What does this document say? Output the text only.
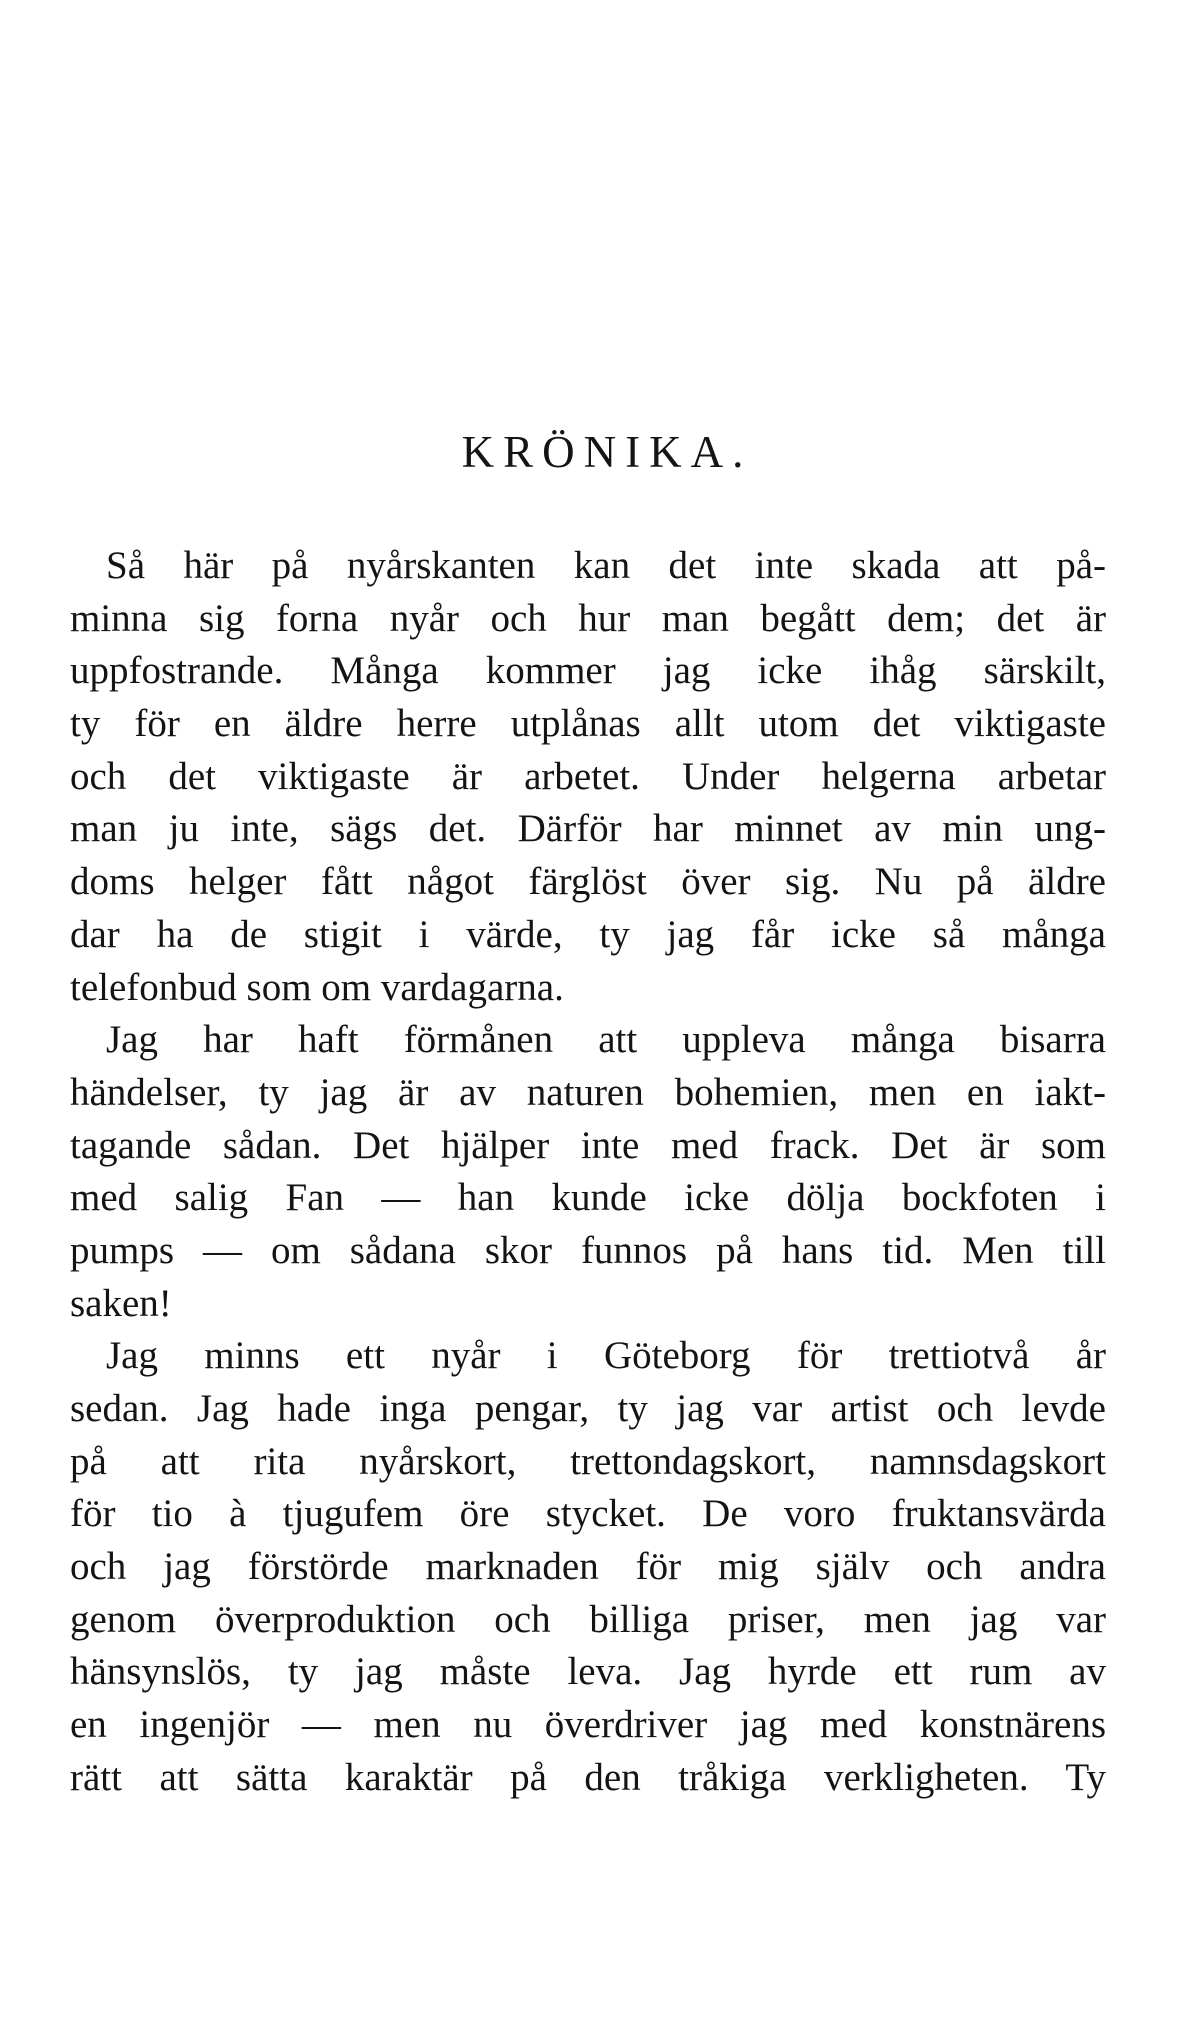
KRÖNIKA.
Så här på nyårskanten kan det inte skada att på-
minna sig forna nyår och hur man begått dem; det är
uppfostrande. Många kommer jag icke ihåg särskilt,
ty för en äldre herre utplånas allt utom det viktigaste
och det viktigaste är arbetet. Under helgerna arbetar
man ju inte, sägs det. Därför har minnet av min ung-
doms helger fått något färglöst över sig. Nu på äldre
dar ha de stigit i värde, ty jag får icke så många
telefonbud som om vardagarna.
Jag har haft förmånen att uppleva många bisarra
händelser, ty jag är av naturen bohemien, men en iakt-
tagande sådan. Det hjälper inte med frack. Det är som
med salig Fan — han kunde icke dölja bockfoten i
pumps — om sådana skor funnos på hans tid. Men till
saken!
Jag minns ett nyår i Göteborg för trettiotvå år
sedan. Jag hade inga pengar, ty jag var artist och levde
på att rita nyårskort, trettondagskort, namnsdagskort
för tio à tjugufem öre stycket. De voro fruktansvärda
och jag förstörde marknaden för mig själv och andra
genom överproduktion och billiga priser, men jag var
hänsynslös, ty jag måste leva. Jag hyrde ett rum av
en ingenjör — men nu överdriver jag med konstnärens
rätt att sätta karaktär på den tråkiga verkligheten. Ty
